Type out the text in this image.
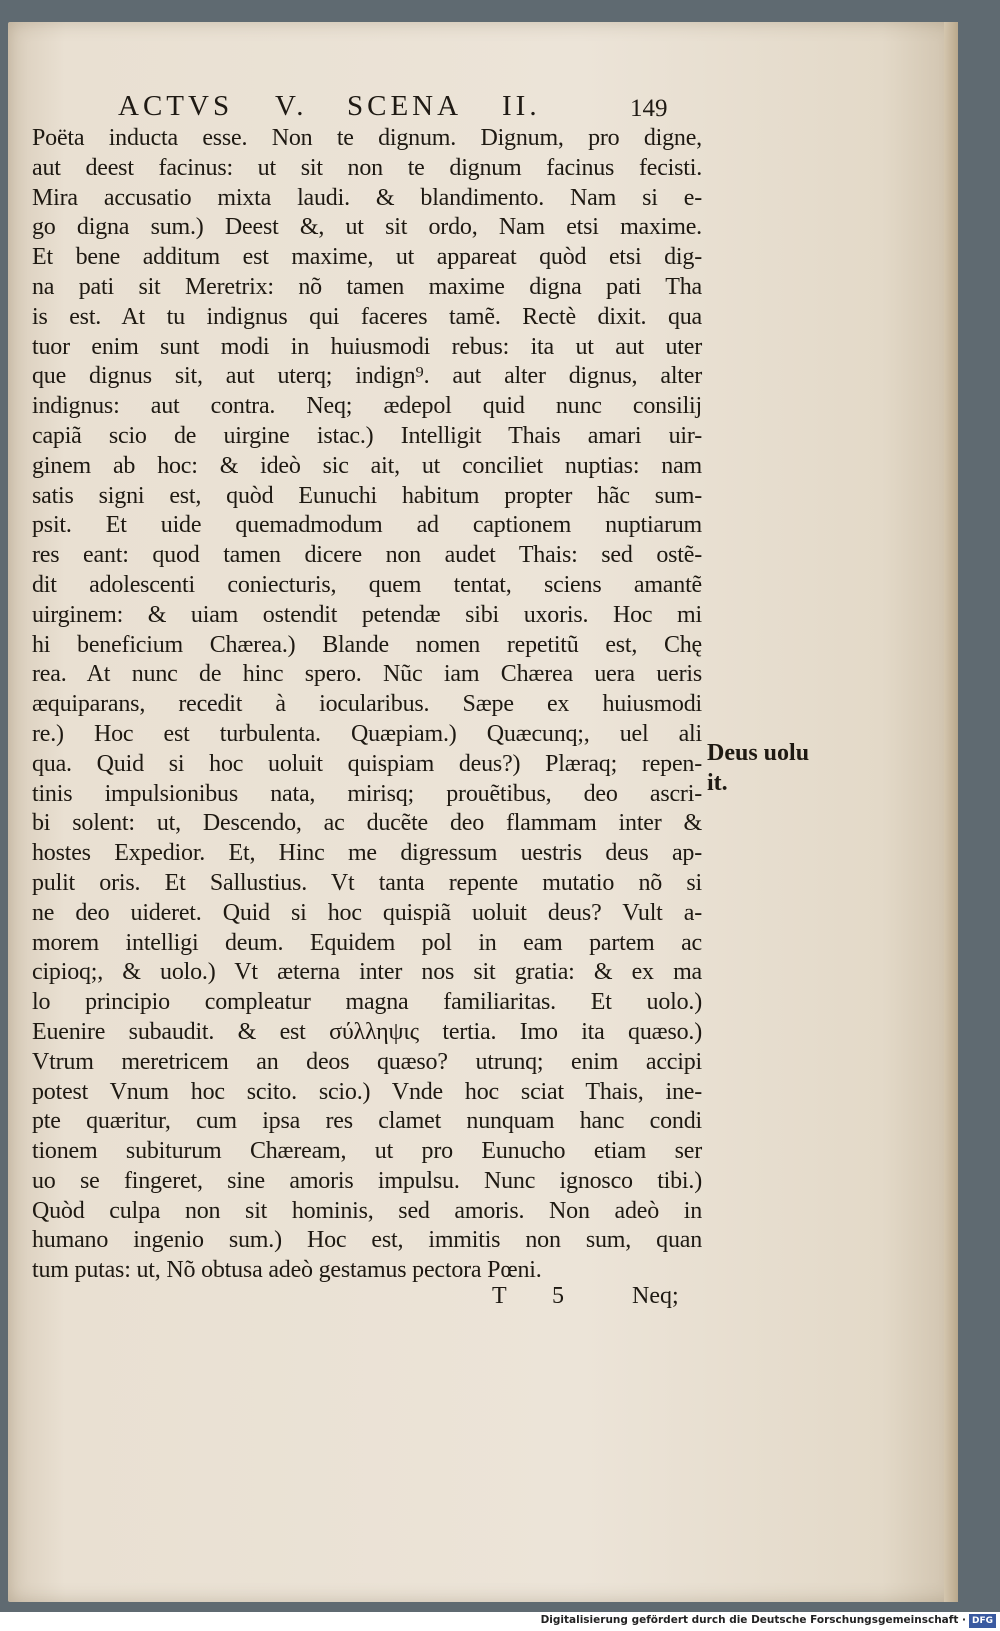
ACTVS V. SCENA II.	149
Poëta inducta esse. Non te dignum. Dignum, pro digne,
aut deest facinus: ut sit non te dignum facinus fecisti.
Mira accusatio mixta laudi. & blandimento. Nam si e-
go digna sum.) Deest &, ut sit ordo, Nam etsi maxime.
Et bene additum est maxime, ut appareat quòd etsi dig-
na pati sit Meretrix: nõ tamen maxime digna pati Tha
is est. At tu indignus qui faceres tamẽ. Rectè dixit. qua
tuor enim sunt modi in huiusmodi rebus: ita ut aut uter
que dignus sit, aut uterq; indign⁹. aut alter dignus, alter
indignus: aut contra. Neq; ædepol quid nunc consilij
capiã scio de uirgine istac.) Intelligit Thais amari uir-
ginem ab hoc: & ideò sic ait, ut conciliet nuptias: nam
satis signi est, quòd Eunuchi habitum propter hãc sum-
psit. Et uide quemadmodum ad captionem nuptiarum
res eant: quod tamen dicere non audet Thais: sed ostẽ-
dit adolescenti coniecturis, quem tentat, sciens amantẽ
uirginem: & uiam ostendit petendæ sibi uxoris. Hoc mi
hi beneficium Chærea.) Blande nomen repetitũ est, Chę
rea. At nunc de hinc spero. Nũc iam Chærea uera ueris
æquiparans, recedit à iocularibus. Sæpe ex huiusmodi
re.) Hoc est turbulenta. Quæpiam.) Quæcunq;, uel ali
qua. Quid si hoc uoluit quispiam deus?) Plæraq; repen-
tinis impulsionibus nata, mirisq; prouẽtibus, deo ascri-
bi solent: ut, Descendo, ac ducẽte deo flammam inter &
hostes Expedior. Et, Hinc me digressum uestris deus ap-
pulit oris. Et Sallustius. Vt tanta repente mutatio nõ si
ne deo uideret. Quid si hoc quispiã uoluit deus? Vult a-
morem intelligi deum. Equidem pol in eam partem ac
cipioq;, & uolo.) Vt æterna inter nos sit gratia: & ex ma
lo principio compleatur magna familiaritas. Et uolo.)
Euenire subaudit. & est σύλληψις tertia. Imo ita quæso.)
Vtrum meretricem an deos quæso? utrunq; enim accipi
potest Vnum hoc scito. scio.) Vnde hoc sciat Thais, ine-
pte quæritur, cum ipsa res clamet nunquam hanc condi
tionem subiturum Chæream, ut pro Eunucho etiam ser
uo se fingeret, sine amoris impulsu. Nunc ignosco tibi.)
Quòd culpa non sit hominis, sed amoris. Non adeò in
humano ingenio sum.) Hoc est, immitis non sum, quan
tum putas: ut, Nõ obtusa adeò gestamus pectora Pœni.
Deus uolu
it.
T 5	Neq;
Digitalisierung gefördert durch die Deutsche Forschungsgemeinschaft · DFG
